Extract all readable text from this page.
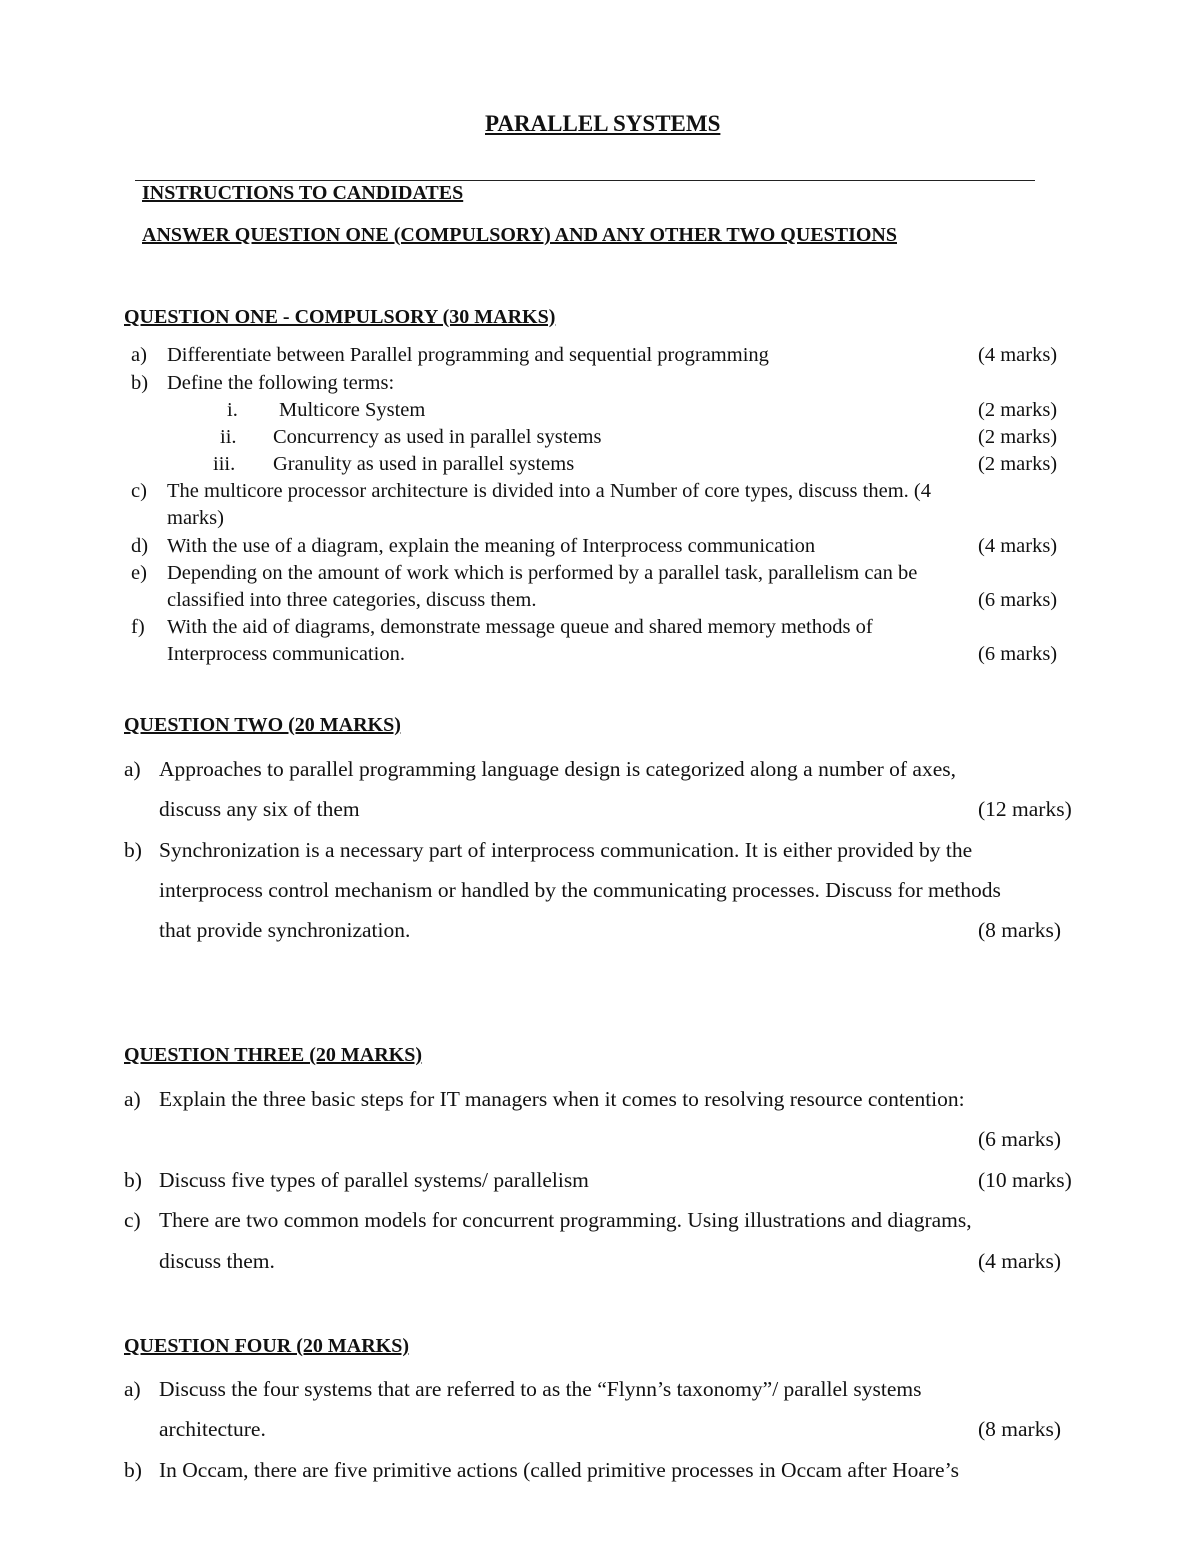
PARALLEL SYSTEMS
INSTRUCTIONS TO CANDIDATES
ANSWER QUESTION ONE (COMPULSORY) AND ANY OTHER TWO QUESTIONS
QUESTION ONE - COMPULSORY (30 MARKS)
a) Differentiate between Parallel programming and sequential programming	(4 marks)
b) Define the following terms:
i. Multicore System	(2 marks)
ii. Concurrency as used in parallel systems	(2 marks)
iii. Granulity as used in parallel systems	(2 marks)
c) The multicore processor architecture is divided into a Number of core types, discuss them. (4
marks)
d) With the use of a diagram, explain the meaning of Interprocess communication	(4 marks)
e) Depending on the amount of work which is performed by a parallel task, parallelism can be
classified into three categories, discuss them.	(6 marks)
f) With the aid of diagrams, demonstrate message queue and shared memory methods of
Interprocess communication.	(6 marks)
QUESTION TWO (20 MARKS)
a) Approaches to parallel programming language design is categorized along a number of axes,
discuss any six of them	(12 marks)
b) Synchronization is a necessary part of interprocess communication. It is either provided by the
interprocess control mechanism or handled by the communicating processes. Discuss for methods
that provide synchronization.	(8 marks)
QUESTION THREE (20 MARKS)
a) Explain the three basic steps for IT managers when it comes to resolving resource contention:
(6 marks)
b) Discuss five types of parallel systems/ parallelism	(10 marks)
c) There are two common models for concurrent programming. Using illustrations and diagrams,
discuss them.	(4 marks)
QUESTION FOUR (20 MARKS)
a) Discuss the four systems that are referred to as the “Flynn’s taxonomy”/ parallel systems
architecture.	(8 marks)
b) In Occam, there are five primitive actions (called primitive processes in Occam after Hoare’s
